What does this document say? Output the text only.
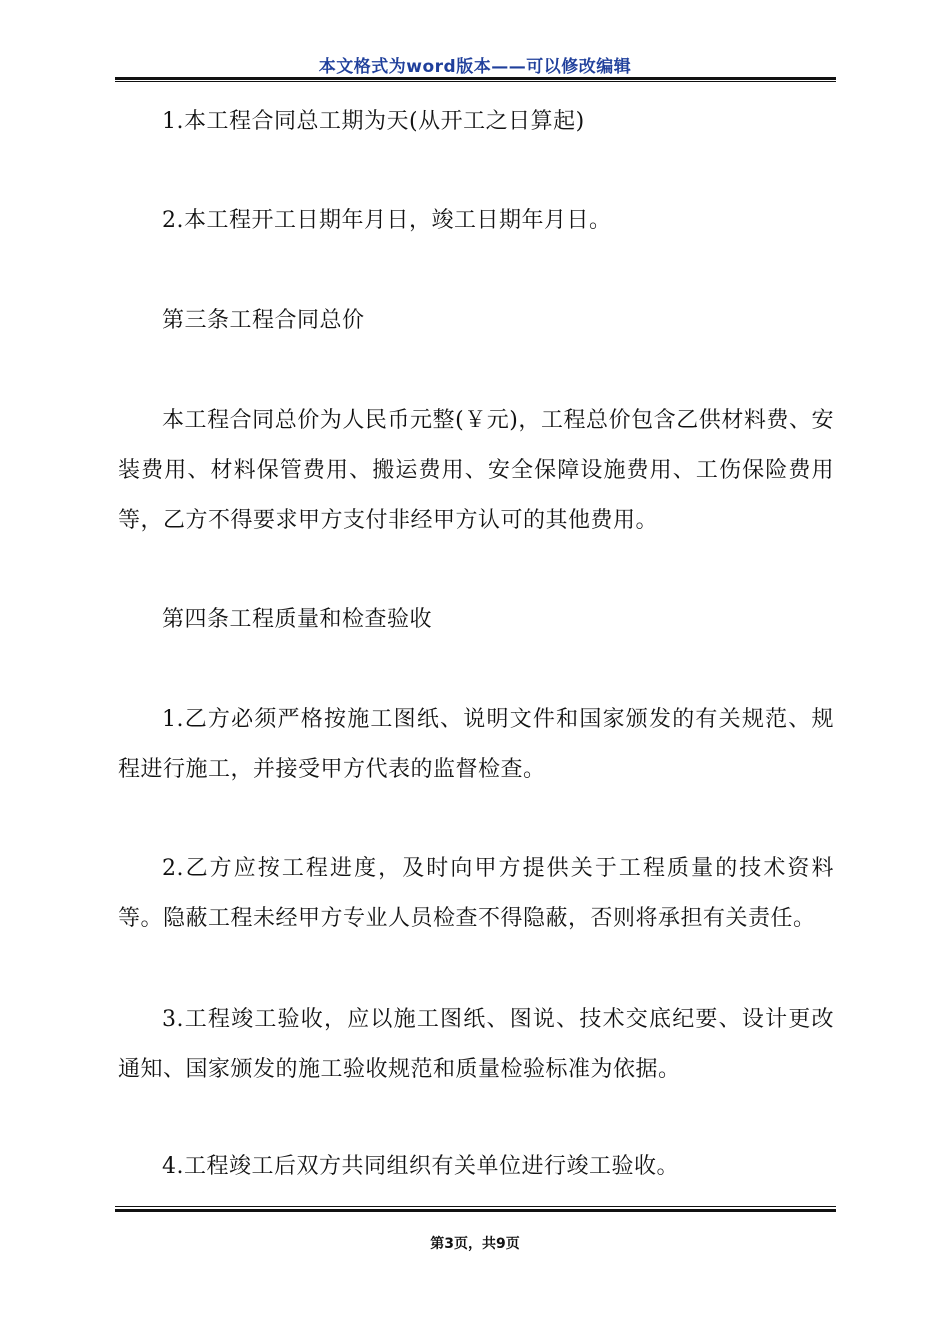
本文格式为word版本——可以修改编辑

1.本工程合同总工期为天(从开工之日算起)

2.本工程开工日期年月日，竣工日期年月日。

第三条工程合同总价

本工程合同总价为人民币元整(￥元)，工程总价包含乙供材料费、安装费用、材料保管费用、搬运费用、安全保障设施费用、工伤保险费用等，乙方不得要求甲方支付非经甲方认可的其他费用。

第四条工程质量和检查验收

1.乙方必须严格按施工图纸、说明文件和国家颁发的有关规范、规程进行施工，并接受甲方代表的监督检查。

2.乙方应按工程进度，及时向甲方提供关于工程质量的技术资料等。隐蔽工程未经甲方专业人员检查不得隐蔽，否则将承担有关责任。

3.工程竣工验收，应以施工图纸、图说、技术交底纪要、设计更改通知、国家颁发的施工验收规范和质量检验标准为依据。

4.工程竣工后双方共同组织有关单位进行竣工验收。

第3页，共9页
